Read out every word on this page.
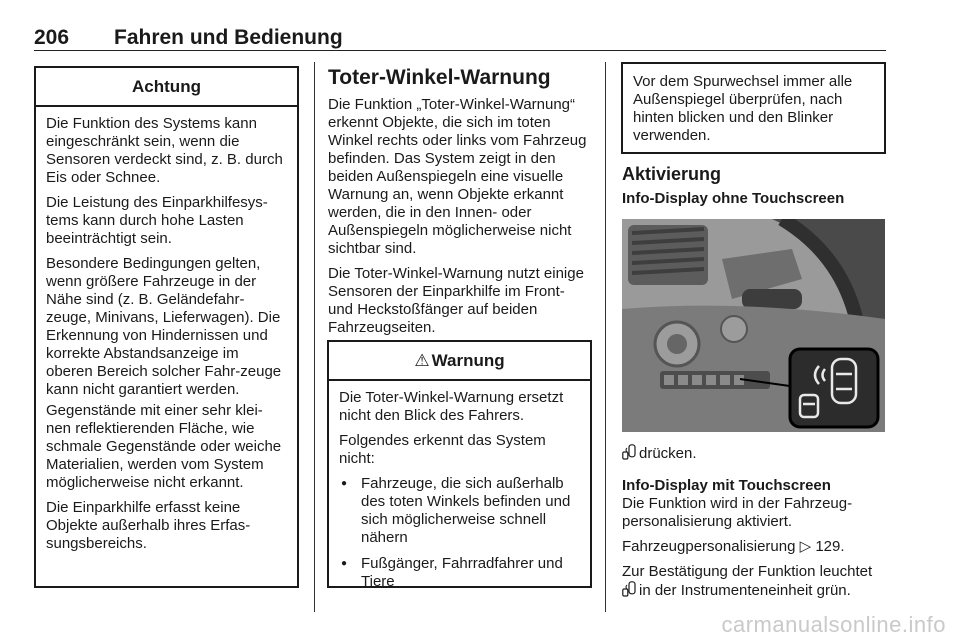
206 Fahren und Bedienung
Achtung

Die Funktion des Systems kann eingeschränkt sein, wenn die Sensoren verdeckt sind, z. B. durch Eis oder Schnee.

Die Leistung des Einparkhilfesys-tems kann durch hohe Lasten beeinträchtigt sein.

Besondere Bedingungen gelten, wenn größere Fahrzeuge in der Nähe sind (z. B. Geländefahr-zeuge, Minivans, Lieferwagen). Die Erkennung von Hindernissen und korrekte Abstandsanzeige im oberen Bereich solcher Fahr-zeuge kann nicht garantiert werden.

Gegenstände mit einer sehr klei-nen reflektierenden Fläche, wie schmale Gegenstände oder weiche Materialien, werden vom System möglicherweise nicht erkannt.

Die Einparkhilfe erfasst keine Objekte außerhalb ihres Erfas-sungsbereichs.

Toter-Winkel-Warnung

Die Funktion „Toter-Winkel-Warnung“ erkennt Objekte, die sich im toten Winkel rechts oder links vom Fahrzeug befinden. Das System zeigt in den beiden Außenspiegeln eine visuelle Warnung an, wenn Objekte erkannt werden, die in den Innen- oder Außenspiegeln möglicherweise nicht sichtbar sind.

Die Toter-Winkel-Warnung nutzt einige Sensoren der Einparkhilfe im Front- und Heckstoßfänger auf beiden Fahrzeugseiten.

⚠ Warnung

Die Toter-Winkel-Warnung ersetzt nicht den Blick des Fahrers.

Folgendes erkennt das System nicht:

● Fahrzeuge, die sich außerhalb des toten Winkels befinden und sich möglicherweise schnell nähern
● Fußgänger, Fahrradfahrer und Tiere

Vor dem Spurwechsel immer alle Außenspiegel überprüfen, nach hinten blicken und den Blinker verwenden.

Aktivierung
Info-Display ohne Touchscreen

drücken.

Info-Display mit Touchscreen

Die Funktion wird in der Fahrzeug-personalisierung aktiviert.

Fahrzeugpersonalisierung ▷ 129.

Zur Bestätigung der Funktion leuchtet in der Instrumenteneinheit grün.

carmanualsonline.info
